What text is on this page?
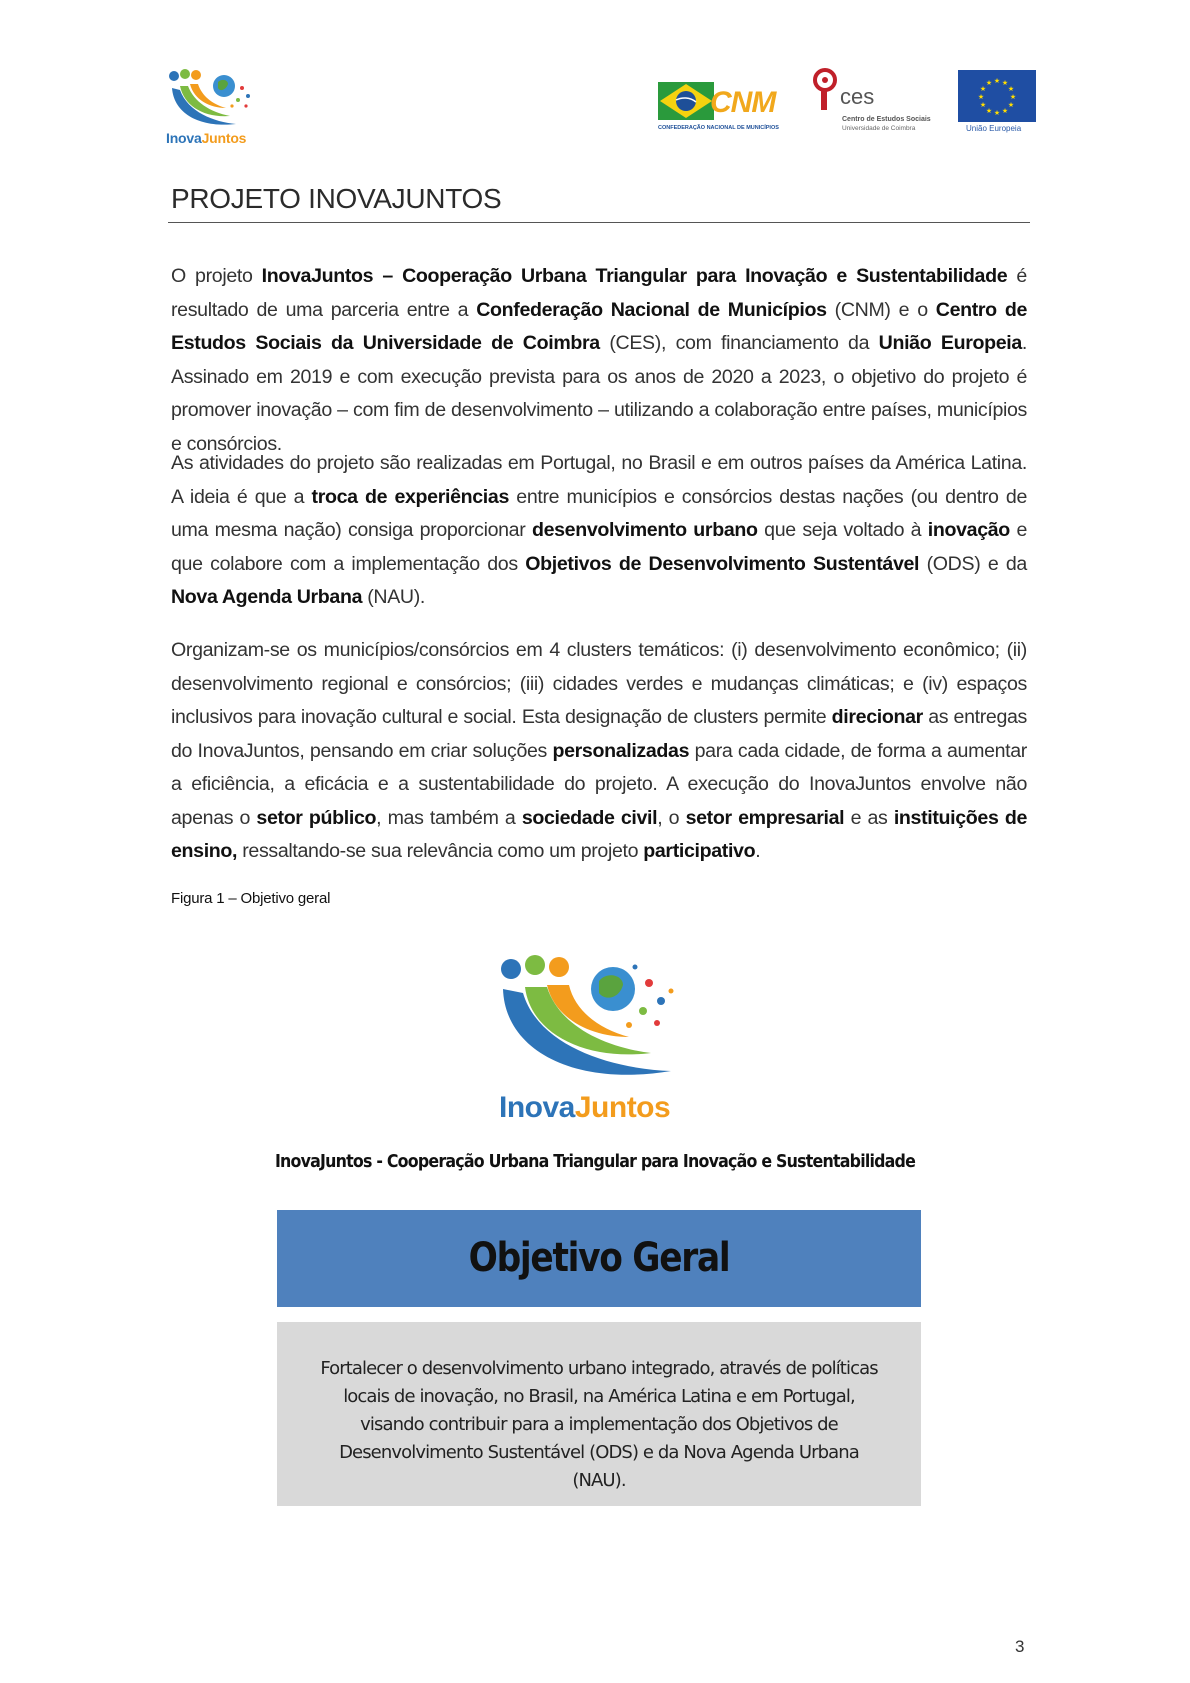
InovaJuntos
CNM
CONFEDERAÇÃO NACIONAL DE MUNICÍPIOS
ces
Centro de Estudos Sociais
Universidade de Coimbra
★ ★
★
★
★
★
★
★
★
★
★
★
União Europeia
PROJETO INOVAJUNTOS

O projeto InovaJuntos – Cooperação Urbana Triangular para Inovação e Sustentabilidade é resultado de uma parceria entre a Confederação Nacional de Municípios (CNM) e o Centro de Estudos Sociais da Universidade de Coimbra (CES), com financiamento da União Europeia. Assinado em 2019 e com execução prevista para os anos de 2020 a 2023, o objetivo do projeto é promover inovação – com fim de desenvolvimento – utilizando a colaboração entre países, municípios e consórcios.

As atividades do projeto são realizadas em Portugal, no Brasil e em outros países da América Latina. A ideia é que a troca de experiências entre municípios e consórcios destas nações (ou dentro de uma mesma nação) consiga proporcionar desenvolvimento urbano que seja voltado à inovação e que colabore com a implementação dos Objetivos de Desenvolvimento Sustentável (ODS) e da Nova Agenda Urbana (NAU).

Organizam-se os municípios/consórcios em 4 clusters temáticos: (i) desenvolvimento econômico; (ii) desenvolvimento regional e consórcios; (iii) cidades verdes e mudanças climáticas; e (iv) espaços inclusivos para inovação cultural e social. Esta designação de clusters permite direcionar as entregas do InovaJuntos, pensando em criar soluções personalizadas para cada cidade, de forma a aumentar a eficiência, a eficácia e a sustentabilidade do projeto. A execução do InovaJuntos envolve não apenas o setor público, mas também a sociedade civil, o setor empresarial e as instituições de ensino, ressaltando-se sua relevância como um projeto participativo.

Figura 1 – Objetivo geral
InovaJuntos
InovaJuntos - Cooperação Urbana Triangular para Inovação e Sustentabilidade
Objetivo Geral

Fortalecer o desenvolvimento urbano integrado, através de políticas locais de inovação, no Brasil, na América Latina e em Portugal, visando contribuir para a implementação dos Objetivos de Desenvolvimento Sustentável (ODS) e da Nova Agenda Urbana (NAU).

3
